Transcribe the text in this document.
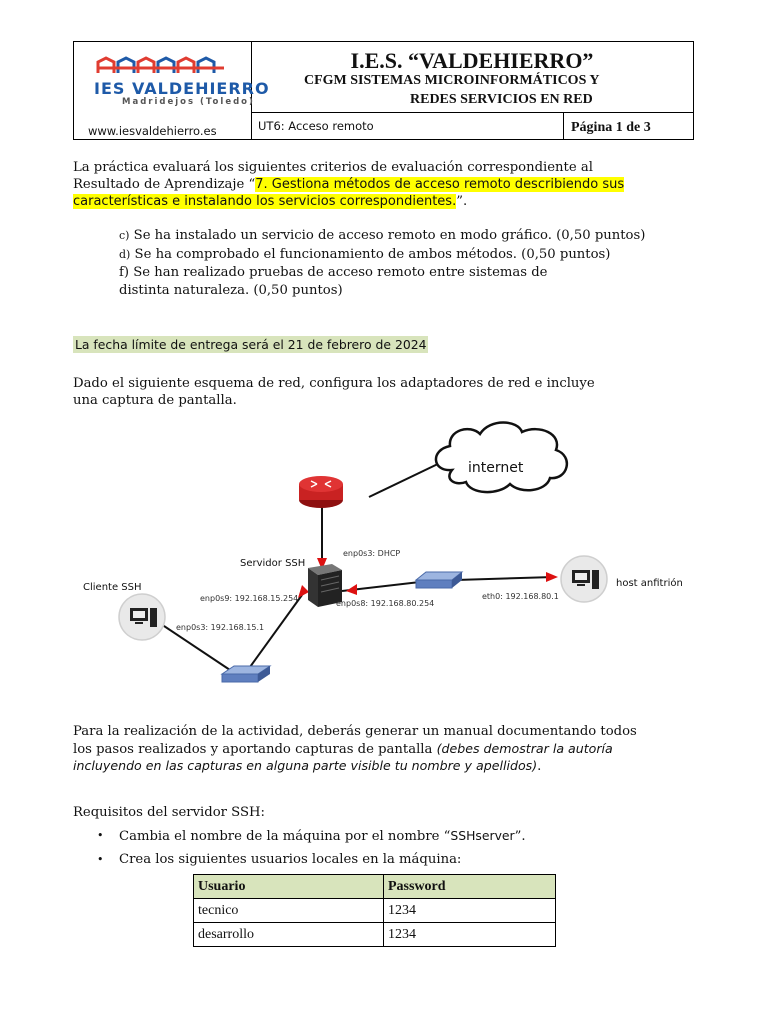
IES VALDEHIERRO
Madridejos (Toledo)
www.iesvaldehierro.es
I.E.S. “VALDEHIERRO”
CFGM SISTEMAS MICROINFORMÁTICOS Y
REDES SERVICIOS EN RED
UT6: Acceso remoto	Página 1 de 3
La práctica evaluará los siguientes criterios de evaluación correspondiente al
Resultado de Aprendizaje “7. Gestiona métodos de acceso remoto describiendo sus
características e instalando los servicios correspondientes.”.
c) Se ha instalado un servicio de acceso remoto en modo gráfico. (0,50 puntos)
d) Se ha comprobado el funcionamiento de ambos métodos. (0,50 puntos)
f) Se han realizado pruebas de acceso remoto entre sistemas de
distinta naturaleza. (0,50 puntos)
La fecha límite de entrega será el 21 de febrero de 2024
Dado el siguiente esquema de red, configura los adaptadores de red e incluye
una captura de pantalla.
internet
Servidor SSH
enp0s3: DHCP
enp0s9: 192.168.15.254
enp0s8: 192.168.80.254
Cliente SSH
enp0s3: 192.168.15.1
host anfitrión
eth0: 192.168.80.1
Para la realización de la actividad, deberás generar un manual documentando todos
los pasos realizados y aportando capturas de pantalla (debes demostrar la autoría
incluyendo en las capturas en alguna parte visible tu nombre y apellidos).
Requisitos del servidor SSH:
• Cambia el nombre de la máquina por el nombre “SSHserver”.
• Crea los siguientes usuarios locales en la máquina:
Usuario	Password
tecnico	1234
desarrollo	1234
